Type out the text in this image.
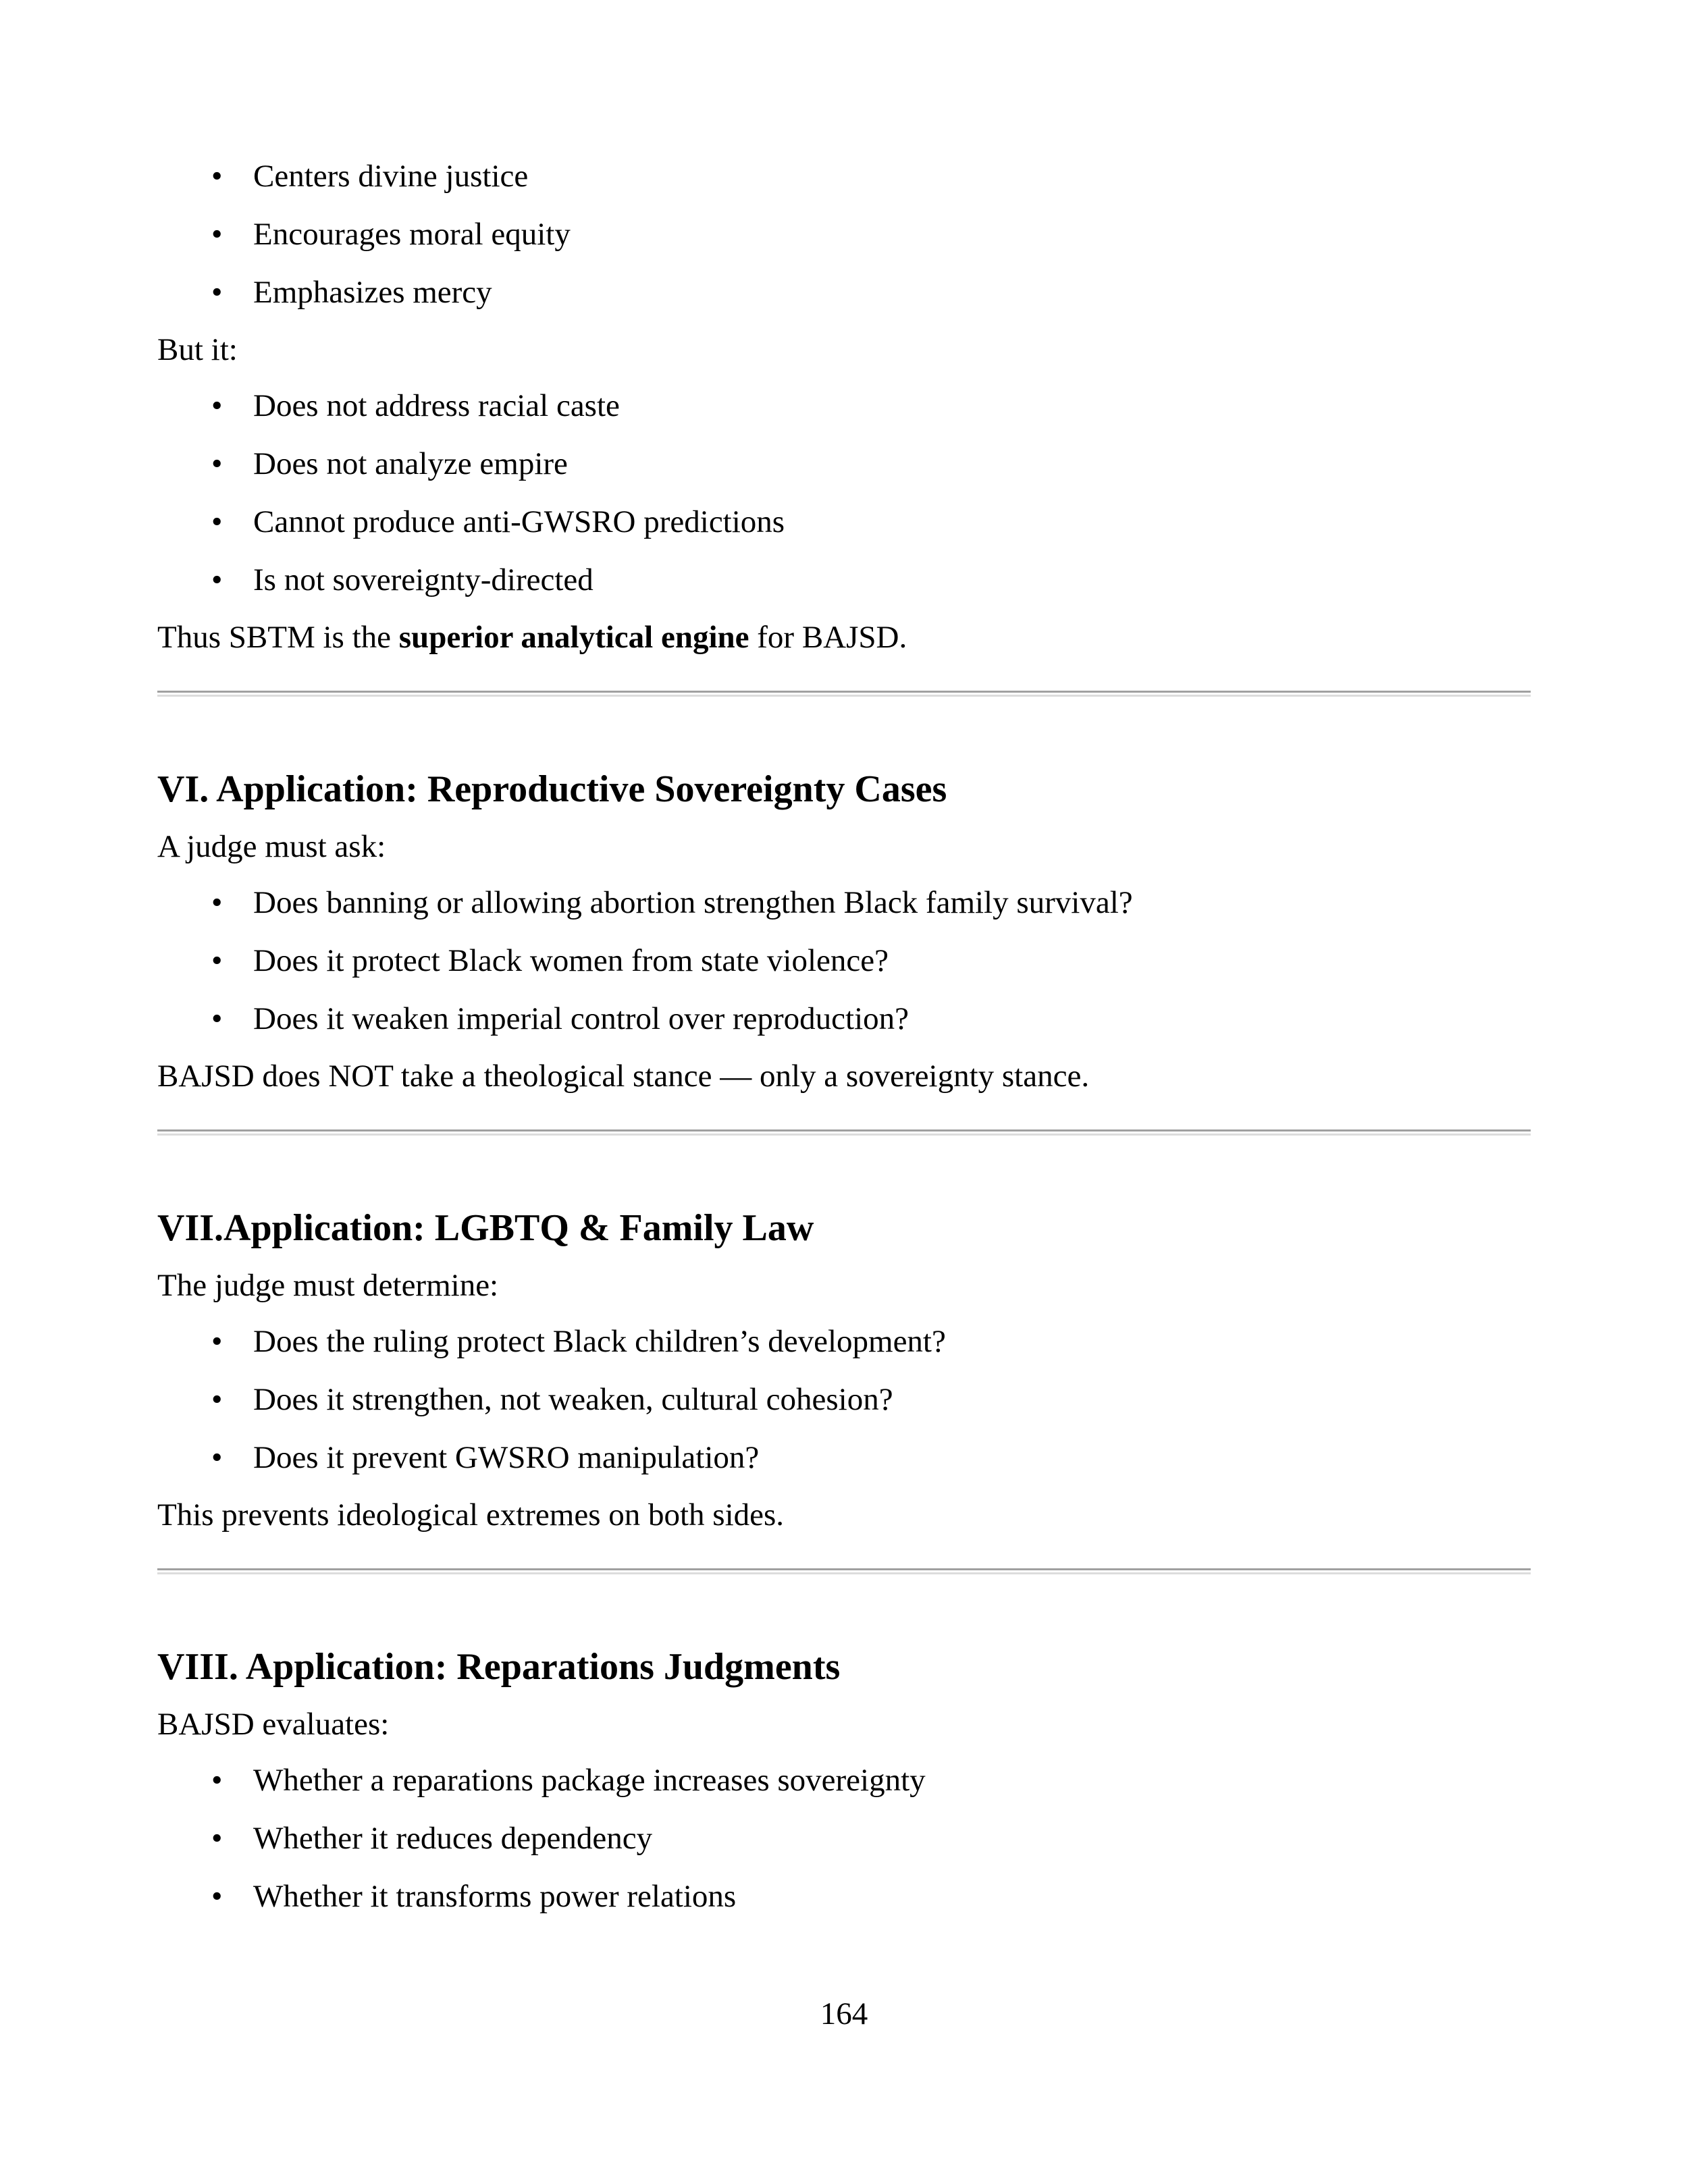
• Centers divine justice
• Encourages moral equity
• Emphasizes mercy
But it:
• Does not address racial caste
• Does not analyze empire
• Cannot produce anti-GWSRO predictions
• Is not sovereignty-directed
Thus SBTM is the superior analytical engine for BAJSD.
VI. Application: Reproductive Sovereignty Cases
A judge must ask:
• Does banning or allowing abortion strengthen Black family survival?
• Does it protect Black women from state violence?
• Does it weaken imperial control over reproduction?
BAJSD does NOT take a theological stance — only a sovereignty stance.
VII.Application: LGBTQ & Family Law
The judge must determine:
• Does the ruling protect Black children’s development?
• Does it strengthen, not weaken, cultural cohesion?
• Does it prevent GWSRO manipulation?
This prevents ideological extremes on both sides.
VIII. Application: Reparations Judgments
BAJSD evaluates:
• Whether a reparations package increases sovereignty
• Whether it reduces dependency
• Whether it transforms power relations
164
